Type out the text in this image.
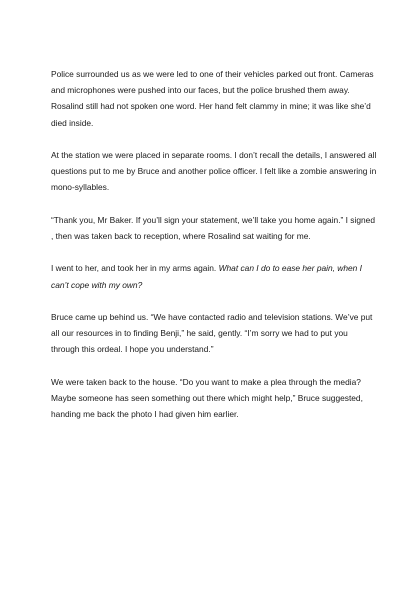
Police surrounded us as we were led to one of their vehicles parked out front. Cameras and microphones were pushed into our faces, but the police brushed them away. Rosalind still had not spoken one word. Her hand felt clammy in mine; it was like she’d died inside.

At the station we were placed in separate rooms. I don’t recall the details, I answered all questions put to me by Bruce and another police officer. I felt like a zombie answering in mono-syllables.

“Thank you, Mr Baker. If you’ll sign your statement, we’ll take you home again.” I signed , then was taken back to reception, where Rosalind sat waiting for me.

I went to her, and took her in my arms again. What can I do to ease her pain, when I can’t cope with my own?

Bruce came up behind us. “We have contacted radio and television stations. We’ve put all our resources in to finding Benji,” he said, gently. “I’m sorry we had to put you through this ordeal. I hope you understand.”

We were taken back to the house. “Do you want to make a plea through the media? Maybe someone has seen something out there which might help,” Bruce suggested, handing me back the photo I had given him earlier.
